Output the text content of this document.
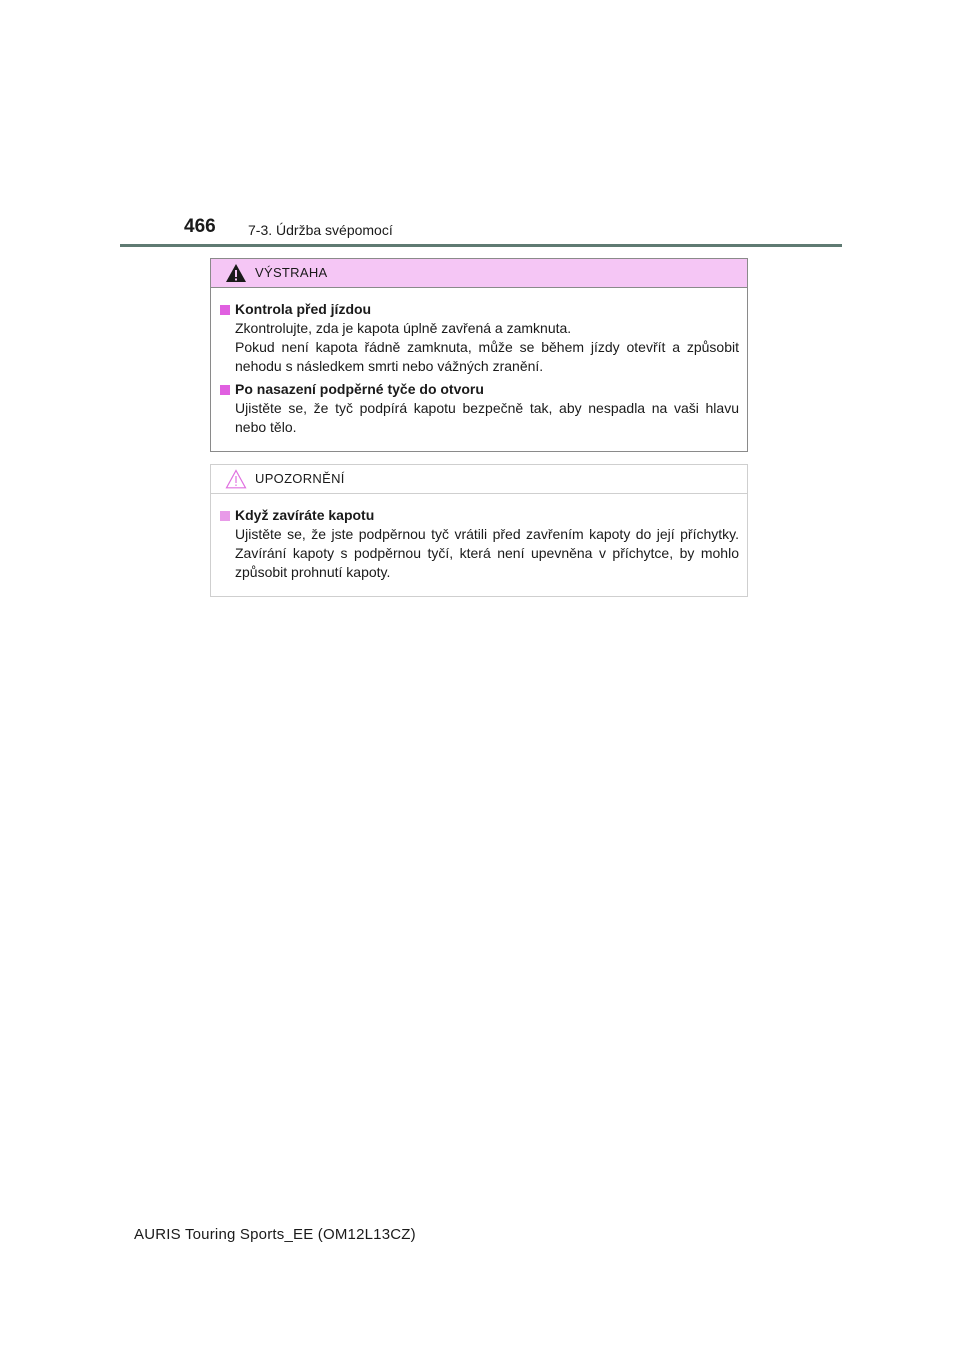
466 7-3. Údržba svépomocí
VÝSTRAHA
Kontrola před jízdou

Zkontrolujte, zda je kapota úplně zavřená a zamknuta.

Pokud není kapota řádně zamknuta, může se během jízdy otevřít a způsobit nehodu s následkem smrti nebo vážných zranění.

Po nasazení podpěrné tyče do otvoru

Ujistěte se, že tyč podpírá kapotu bezpečně tak, aby nespadla na vaši hlavu nebo tělo.

UPOZORNĚNÍ
Když zavíráte kapotu

Ujistěte se, že jste podpěrnou tyč vrátili před zavřením kapoty do její příchytky. Zavírání kapoty s podpěrnou tyčí, která není upevněna v příchytce, by mohlo způsobit prohnutí kapoty.

AURIS Touring Sports_EE (OM12L13CZ)
